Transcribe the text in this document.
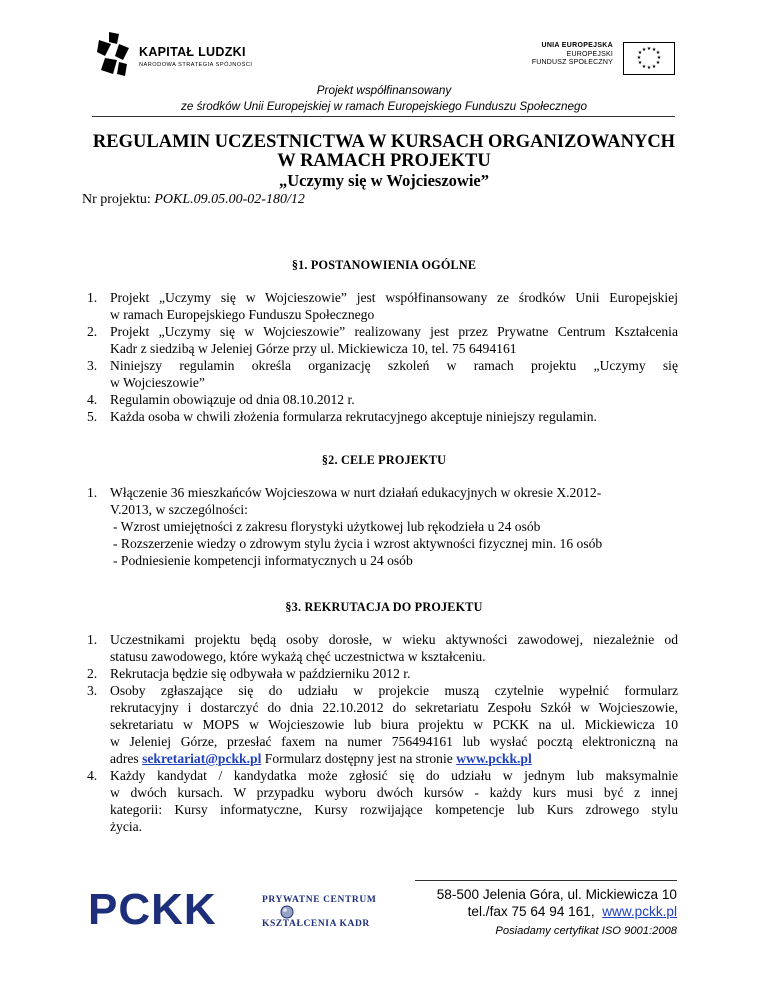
KAPITAŁ LUDZKI
NARODOWA STRATEGIA SPÓJNOŚCI
UNIA EUROPEJSKA
EUROPEJSKI
FUNDUSZ SPOŁECZNY
★ ★ ★
★
★
★
★
★
★
★
★ ★
Projekt współfinansowany
ze środków Unii Europejskiej w ramach Europejskiego Funduszu Społecznego
REGULAMIN UCZESTNICTWA W KURSACH ORGANIZOWANYCH
W RAMACH PROJEKTU
„Uczymy się w Wojcieszowie”
Nr projektu: POKL.09.05.00-02-180/12
§1. POSTANOWIENIA OGÓLNE
1. Projekt „Uczymy się w Wojcieszowie” jest współfinansowany ze środków Unii Europejskiej
w ramach Europejskiego Funduszu Społecznego
2. Projekt „Uczymy się w Wojcieszowie” realizowany jest przez Prywatne Centrum Kształcenia
Kadr z siedzibą w Jeleniej Górze przy ul. Mickiewicza 10, tel. 75 6494161
3. Niniejszy regulamin określa organizację szkoleń w ramach projektu „Uczymy się
w Wojcieszowie”
4. Regulamin obowiązuje od dnia 08.10.2012 r.
5. Każda osoba w chwili złożenia formularza rekrutacyjnego akceptuje niniejszy regulamin.
§2. CELE PROJEKTU
1. Włączenie 36 mieszkańców Wojcieszowa w nurt działań edukacyjnych w okresie X.2012-
V.2013, w szczególności:
- Wzrost umiejętności z zakresu florystyki użytkowej lub rękodzieła u 24 osób
- Rozszerzenie wiedzy o zdrowym stylu życia i wzrost aktywności fizycznej min. 16 osób
- Podniesienie kompetencji informatycznych u 24 osób
§3. REKRUTACJA DO PROJEKTU
1. Uczestnikami projektu będą osoby dorosłe, w wieku aktywności zawodowej, niezależnie od
statusu zawodowego, które wykażą chęć uczestnictwa w kształceniu.
2. Rekrutacja będzie się odbywała w październiku 2012 r.
3. Osoby zgłaszające się do udziału w projekcie muszą czytelnie wypełnić formularz
rekrutacyjny i dostarczyć do dnia 22.10.2012 do sekretariatu Zespołu Szkół w Wojcieszowie,
sekretariatu w MOPS w Wojcieszowie lub biura projektu w PCKK na ul. Mickiewicza 10
w Jeleniej Górze, przesłać faxem na numer 756494161 lub wysłać pocztą elektroniczną na
adres sekretariat@pckk.pl Formularz dostępny jest na stronie www.pckk.pl
4. Każdy kandydat / kandydatka może zgłosić się do udziału w jednym lub maksymalnie
w dwóch kursach. W przypadku wyboru dwóch kursów - każdy kurs musi być z innej
kategorii: Kursy informatyczne, Kursy rozwijające kompetencje lub Kurs zdrowego stylu
życia.
PCKK	PRYWATNE CENTRUM
KSZTAŁCENIA KADR
58-500 Jelenia Góra, ul. Mickiewicza 10
tel./fax 75 64 94 161, www.pckk.pl
Posiadamy certyfikat ISO 9001:2008
